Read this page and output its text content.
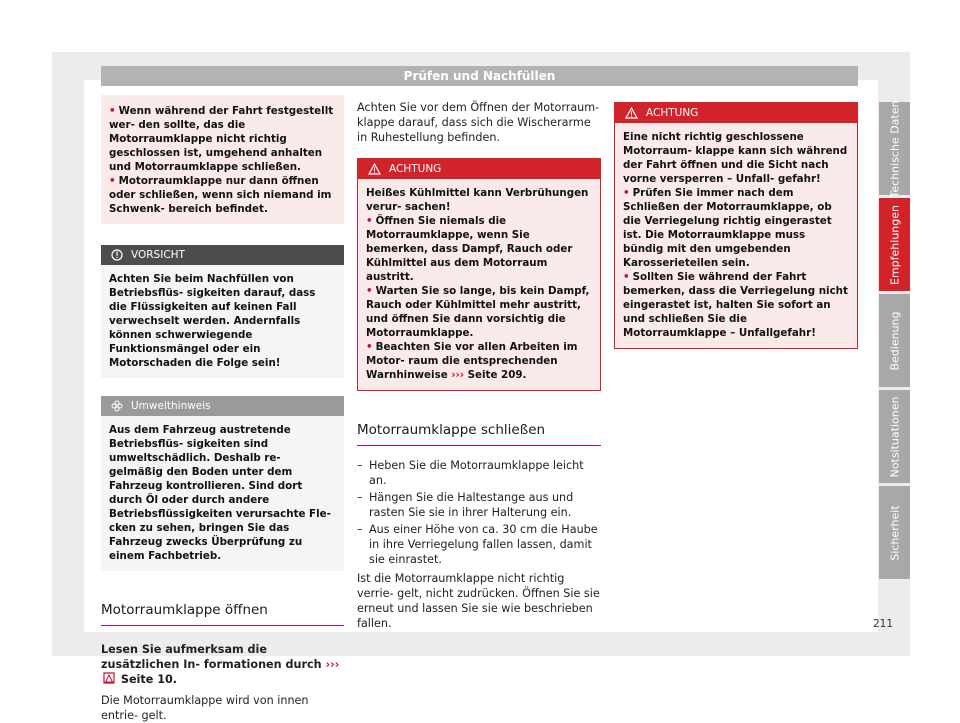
Prüfen und Nachfüllen
• Wenn während der Fahrt festgestellt wer- den sollte, das die Motorraumklappe nicht richtig geschlossen ist, umgehend anhalten und Motorraumklappe schließen.
• Motorraumklappe nur dann öffnen oder schließen, wenn sich niemand im Schwenk- bereich befindet.
VORSICHT
Achten Sie beim Nachfüllen von Betriebsflüs- sigkeiten darauf, dass die Flüssigkeiten auf keinen Fall verwechselt werden. Andernfalls können schwerwiegende Funktionsmängel oder ein Motorschaden die Folge sein!
Umwelthinweis
Aus dem Fahrzeug austretende Betriebsflüs- sigkeiten sind umweltschädlich. Deshalb re- gelmäßig den Boden unter dem Fahrzeug kontrollieren. Sind dort durch Öl oder durch andere Betriebsflüssigkeiten verursachte Fle- cken zu sehen, bringen Sie das Fahrzeug zwecks Überprüfung zu einem Fachbetrieb.
Motorraumklappe öffnen
Lesen Sie aufmerksam die zusätzlichen In- formationen durch ›››  Seite 10.
Die Motorraumklappe wird von innen entrie- gelt.
Achten Sie vor dem Öffnen der Motorraum- klappe darauf, dass sich die Wischerarme in Ruhestellung befinden.
ACHTUNG
Heißes Kühlmittel kann Verbrühungen verur- sachen!
• Öffnen Sie niemals die Motorraumklappe, wenn Sie bemerken, dass Dampf, Rauch oder Kühlmittel aus dem Motorraum austritt.
• Warten Sie so lange, bis kein Dampf, Rauch oder Kühlmittel mehr austritt, und öffnen Sie dann vorsichtig die Motorraumklappe.
• Beachten Sie vor allen Arbeiten im Motor- raum die entsprechenden Warnhinweise ››› Seite 209.
Motorraumklappe schließen
– Heben Sie die Motorraumklappe leicht an.
– Hängen Sie die Haltestange aus und rasten Sie sie in ihrer Halterung ein.
– Aus einer Höhe von ca. 30 cm die Haube in ihre Verriegelung fallen lassen, damit sie einrastet.
Ist die Motorraumklappe nicht richtig verrie- gelt, nicht zudrücken. Öffnen Sie sie erneut und lassen Sie sie wie beschrieben fallen.
ACHTUNG
Eine nicht richtig geschlossene Motorraum- klappe kann sich während der Fahrt öffnen und die Sicht nach vorne versperren – Unfall- gefahr!
• Prüfen Sie immer nach dem Schließen der Motorraumklappe, ob die Verriegelung richtig eingerastet ist. Die Motorraumklappe muss bündig mit den umgebenden Karosserieteilen sein.
• Sollten Sie während der Fahrt bemerken, dass die Verriegelung nicht eingerastet ist, halten Sie sofort an und schließen Sie die Motorraumklappe – Unfallgefahr!
Technische Daten
Empfehlungen
Bedienung
Notsituationen
Sicherheit
211
